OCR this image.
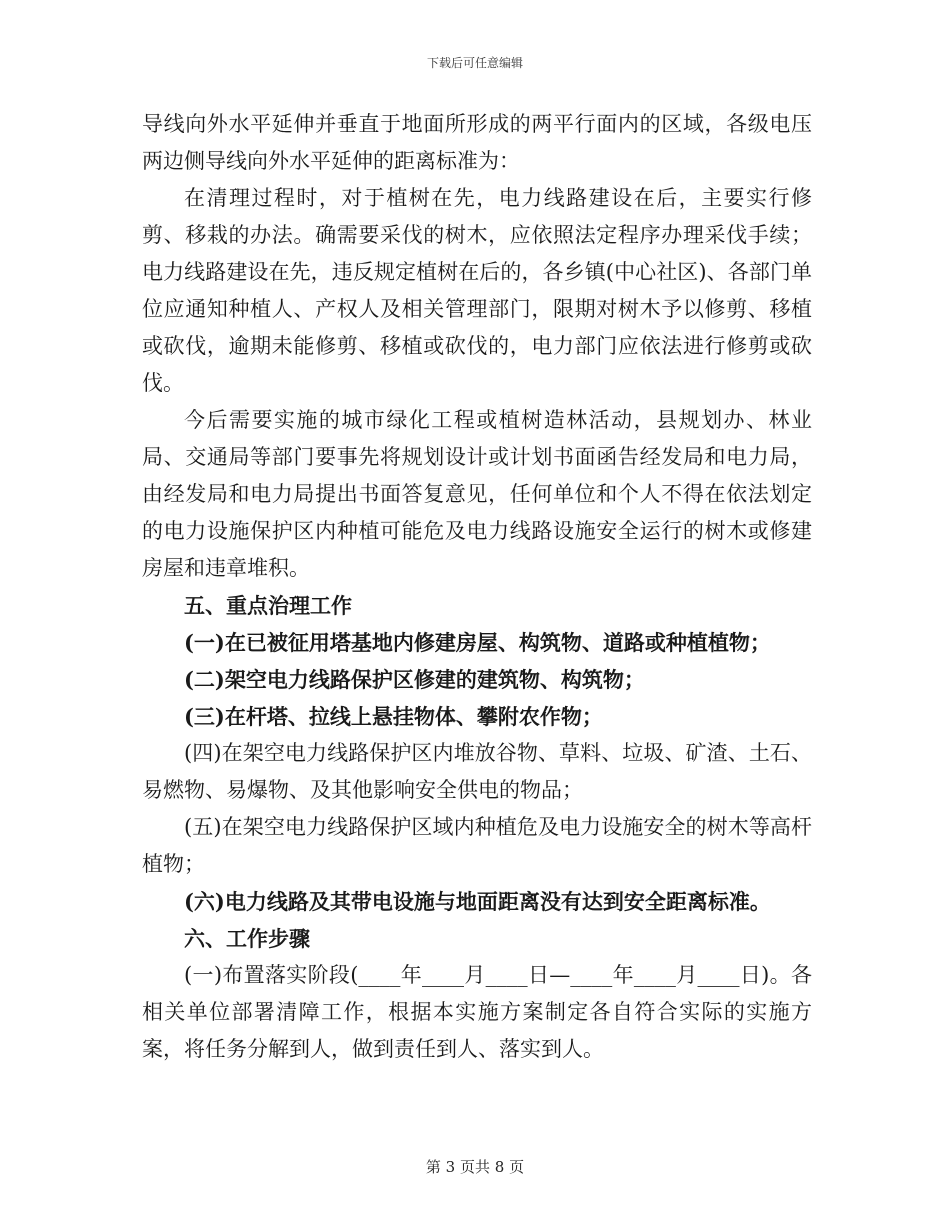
下载后可任意编辑

导线向外水平延伸并垂直于地面所形成的两平行面内的区域，各级电压两边侧导线向外水平延伸的距离标准为：

在清理过程时，对于植树在先，电力线路建设在后，主要实行修剪、移栽的办法。确需要采伐的树木，应依照法定程序办理采伐手续；电力线路建设在先，违反规定植树在后的，各乡镇(中心社区)、各部门单位应通知种植人、产权人及相关管理部门，限期对树木予以修剪、移植或砍伐，逾期未能修剪、移植或砍伐的，电力部门应依法进行修剪或砍伐。

今后需要实施的城市绿化工程或植树造林活动，县规划办、林业局、交通局等部门要事先将规划设计或计划书面函告经发局和电力局，由经发局和电力局提出书面答复意见，任何单位和个人不得在依法划定的电力设施保护区内种植可能危及电力线路设施安全运行的树木或修建房屋和违章堆积。

五、重点治理工作

(一)在已被征用塔基地内修建房屋、构筑物、道路或种植植物；

(二)架空电力线路保护区修建的建筑物、构筑物；

(三)在杆塔、拉线上悬挂物体、攀附农作物；

(四)在架空电力线路保护区内堆放谷物、草料、垃圾、矿渣、土石、易燃物、易爆物、及其他影响安全供电的物品；

(五)在架空电力线路保护区域内种植危及电力设施安全的树木等高杆植物；

(六)电力线路及其带电设施与地面距离没有达到安全距离标准。

六、工作步骤

(一)布置落实阶段(____年____月____日—____年____月____日)。各相关单位部署清障工作，根据本实施方案制定各自符合实际的实施方案，将任务分解到人，做到责任到人、落实到人。

第 3 页共 8 页
